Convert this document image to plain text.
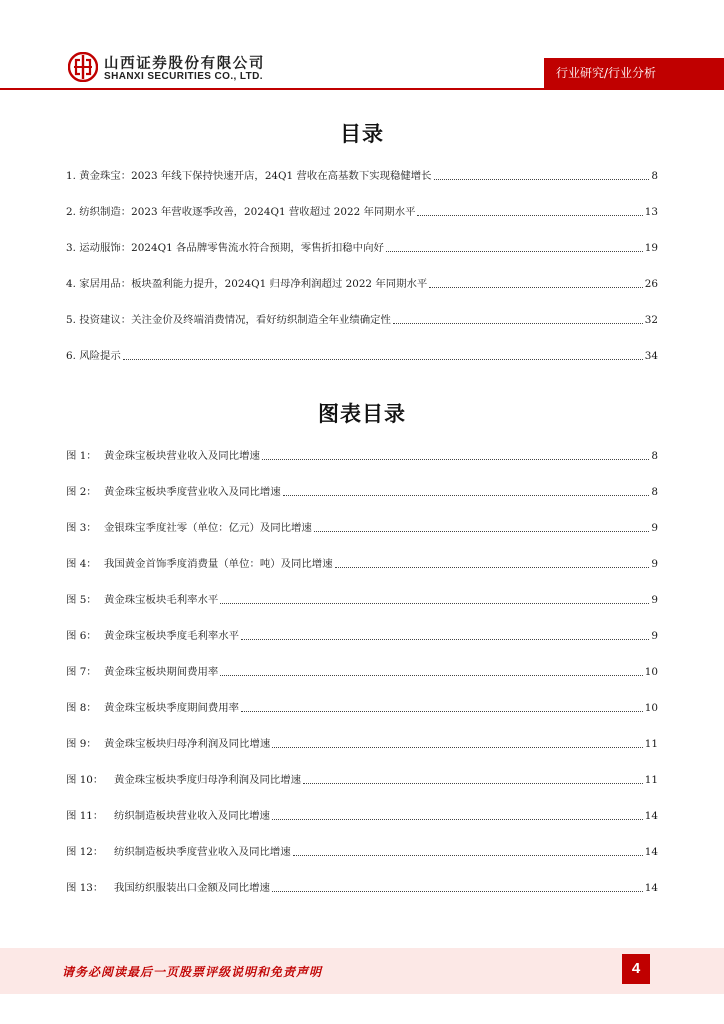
山西证券股份有限公司
SHANXI SECURITIES CO., LTD.	行业研究/行业分析
目录
1. 黄金珠宝：2023 年线下保持快速开店，24Q1 营收在高基数下实现稳健增长	8
2. 纺织制造：2023 年营收逐季改善，2024Q1 营收超过 2022 年同期水平	13
3. 运动服饰：2024Q1 各品牌零售流水符合预期，零售折扣稳中向好	19
4. 家居用品：板块盈利能力提升，2024Q1 归母净利润超过 2022 年同期水平	26
5. 投资建议：关注金价及终端消费情况，看好纺织制造全年业绩确定性	32
6. 风险提示	34
图表目录
图 1： 黄金珠宝板块营业收入及同比增速	8
图 2： 黄金珠宝板块季度营业收入及同比增速	8
图 3： 金银珠宝季度社零（单位：亿元）及同比增速	9
图 4： 我国黄金首饰季度消费量（单位：吨）及同比增速	9
图 5： 黄金珠宝板块毛利率水平	9
图 6： 黄金珠宝板块季度毛利率水平	9
图 7： 黄金珠宝板块期间费用率	10
图 8： 黄金珠宝板块季度期间费用率	10
图 9： 黄金珠宝板块归母净利润及同比增速	11
图 10： 黄金珠宝板块季度归母净利润及同比增速	11
图 11： 纺织制造板块营业收入及同比增速	14
图 12： 纺织制造板块季度营业收入及同比增速	14
图 13： 我国纺织服装出口金额及同比增速	14
请务必阅读最后一页股票评级说明和免责声明	4
